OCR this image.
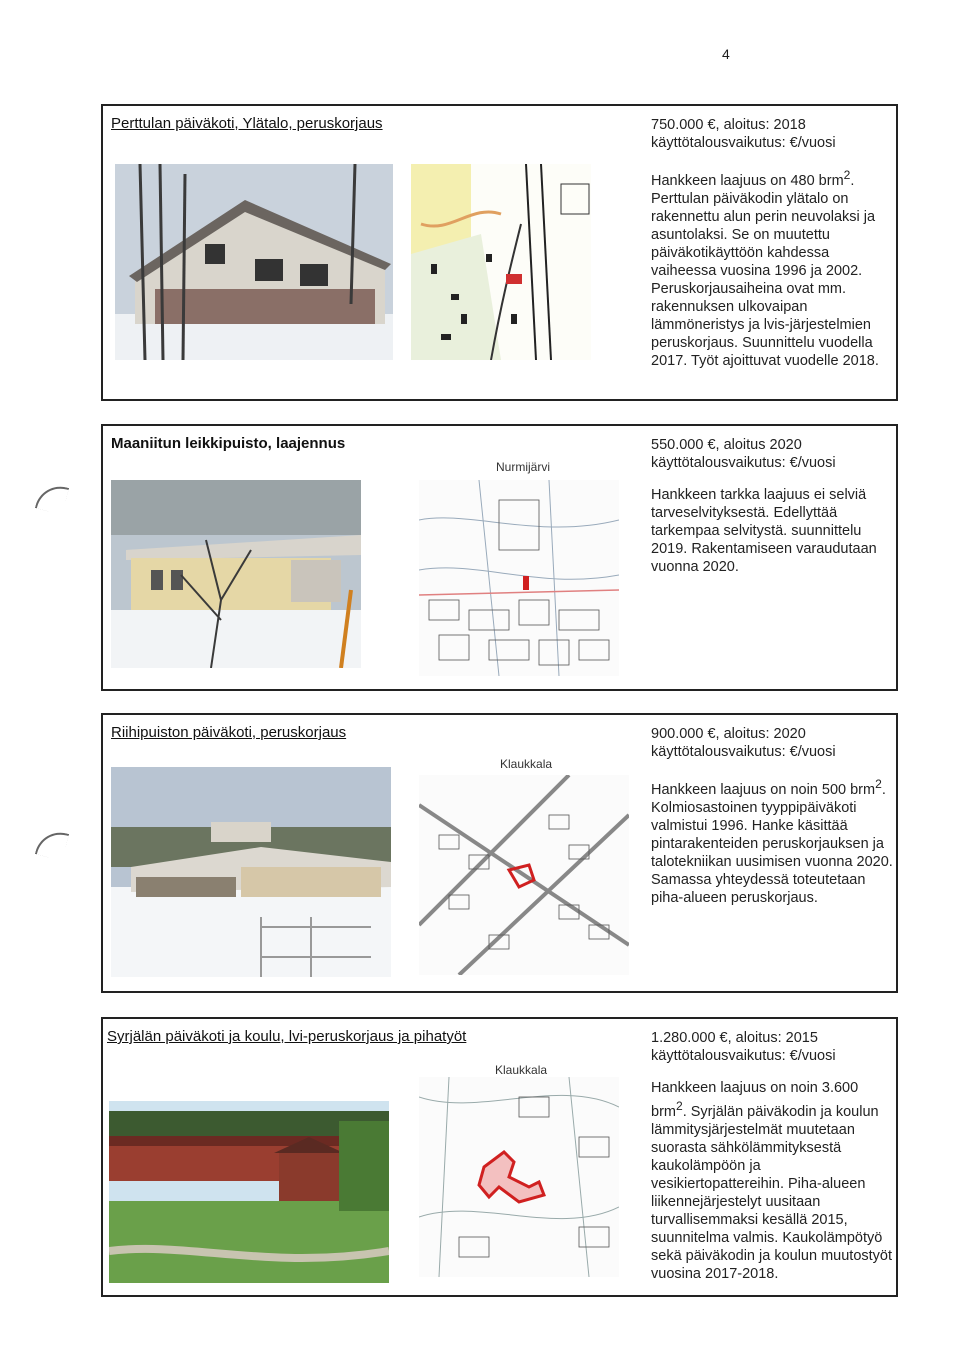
4
Perttulan päiväkoti, Ylätalo, peruskorjaus	750.000 €, aloitus: 2018

käyttötalousvaikutus: €/vuosi

Hankkeen laajuus on 480 brm$^2$. Perttulan päiväkodin ylätalo on rakennettu alun perin neuvolaksi ja asuntolaksi. Se on muutettu päiväkotikäyttöön kahdessa vaiheessa vuosina 1996 ja 2002. Peruskorjausaiheina ovat mm. rakennuksen ulkovaipan lämmöneristys ja lvis-järjestelmien peruskorjaus. Suunnittelu vuodella 2017. Työt ajoittuvat vuodelle 2018.

Maaniitun leikkipuisto, laajennus
Nurmijärvi

550.000 €, aloitus 2020

käyttötalousvaikutus: €/vuosi

Hankkeen tarkka laajuus ei selviä tarveselvityksestä. Edellyttää tarkempaa selvitystä. suunnittelu 2019. Rakentamiseen varaudutaan vuonna 2020.

Riihipuiston päiväkoti, peruskorjaus
Klaukkala

900.000 €, aloitus: 2020

käyttötalousvaikutus: €/vuosi

Hankkeen laajuus on noin 500 brm$^2$. Kolmiosastoinen tyyppipäiväkoti valmistui 1996. Hanke käsittää pintarakenteiden peruskorjauksen ja talotekniikan uusimisen vuonna 2020. Samassa yhteydessä toteutetaan piha-alueen peruskorjaus.

Syrjälän päiväkoti ja koulu, lvi-peruskorjaus ja pihatyöt
Klaukkala

1.280.000 €, aloitus: 2015

käyttötalousvaikutus: €/vuosi

Hankkeen laajuus on noin 3.600 brm$^2$. Syrjälän päiväkodin ja koulun lämmitysjärjestelmät muutetaan suorasta sähkölämmityksestä kaukolämpöön ja vesikiertopattereihin. Piha-alueen liikennejärjestelyt uusitaan turvallisemmaksi kesällä 2015, suunnitelma valmis. Kaukolämpötyö sekä päiväkodin ja koulun muutostyöt vuosina 2017-2018.
